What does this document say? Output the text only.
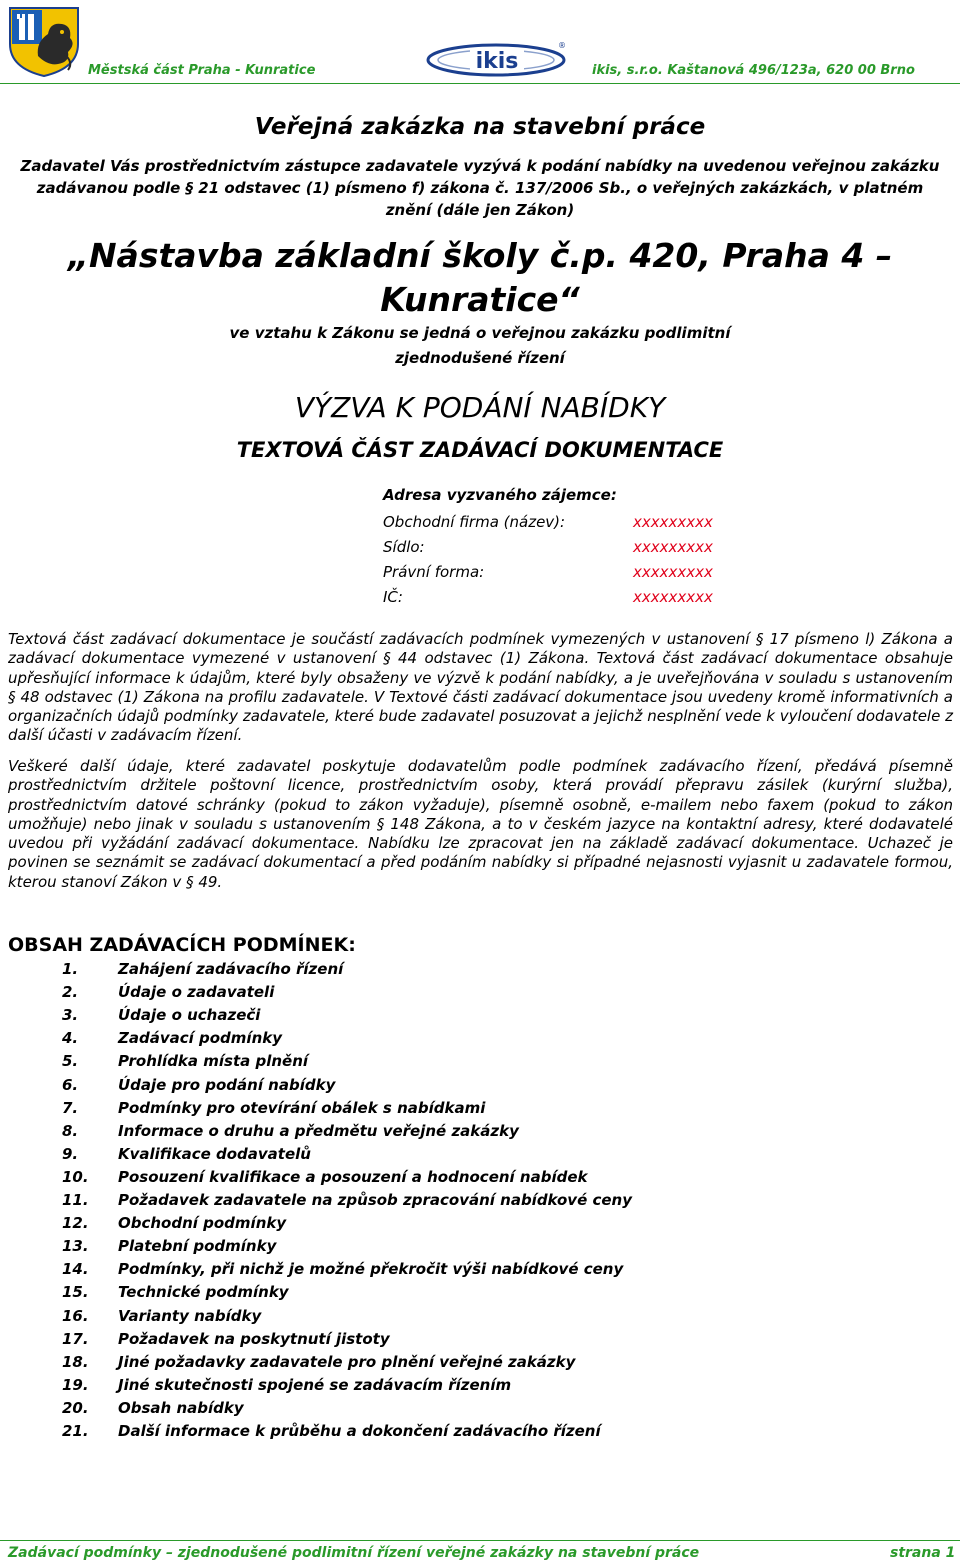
Městská část Praha - Kunratice	ikis
®
ikis, s.r.o. Kaštanová 496/123a, 620 00 Brno
Veřejná zakázka na stavební práce
Zadavatel Vás prostřednictvím zástupce zadavatele vyzývá k podání nabídky na uvedenou veřejnou zakázku zadávanou podle § 21 odstavec (1) písmeno f) zákona č. 137/2006 Sb., o veřejných zakázkách, v platném znění (dále jen Zákon)
„Nástavba základní školy č.p. 420, Praha 4 – Kunratice“
ve vztahu k Zákonu se jedná o veřejnou zakázku podlimitní
zjednodušené řízení
VÝZVA K PODÁNÍ NABÍDKY
TEXTOVÁ ČÁST ZADÁVACÍ DOKUMENTACE
Adresa vyzvaného zájemce:
Obchodní firma (název):	xxxxxxxxx
Sídlo:	xxxxxxxxx
Právní forma:	xxxxxxxxx
IČ:	xxxxxxxxx
Textová část zadávací dokumentace je součástí zadávacích podmínek vymezených v ustanovení § 17 písmeno l) Zákona a zadávací dokumentace vymezené v ustanovení § 44 odstavec (1) Zákona. Textová část zadávací dokumentace obsahuje upřesňující informace k údajům, které byly obsaženy ve výzvě k podání nabídky, a je uveřejňována v souladu s ustanovením § 48 odstavec (1) Zákona na profilu zadavatele. V Textové části zadávací dokumentace jsou uvedeny kromě informativních a organizačních údajů podmínky zadavatele, které bude zadavatel posuzovat a jejichž nesplnění vede k vyloučení dodavatele z další účasti v zadávacím řízení.
Veškeré další údaje, které zadavatel poskytuje dodavatelům podle podmínek zadávacího řízení, předává písemně prostřednictvím držitele poštovní licence, prostřednictvím osoby, která provádí přepravu zásilek (kurýrní služba), prostřednictvím datové schránky (pokud to zákon vyžaduje), písemně osobně, e-mailem nebo faxem (pokud to zákon umožňuje) nebo jinak v souladu s ustanovením § 148 Zákona, a to v českém jazyce na kontaktní adresy, které dodavatelé uvedou při vyžádání zadávací dokumentace. Nabídku lze zpracovat jen na základě zadávací dokumentace. Uchazeč je povinen se seznámit se zadávací dokumentací a před podáním nabídky si případné nejasnosti vyjasnit u zadavatele formou, kterou stanoví Zákon v § 49.
OBSAH ZADÁVACÍCH PODMÍNEK:
1.	Zahájení zadávacího řízení
2.	Údaje o zadavateli
3.	Údaje o uchazeči
4.	Zadávací podmínky
5.	Prohlídka místa plnění
6.	Údaje pro podání nabídky
7.	Podmínky pro otevírání obálek s nabídkami
8.	Informace o druhu a předmětu veřejné zakázky
9.	Kvalifikace dodavatelů
10. Posouzení kvalifikace a posouzení a hodnocení nabídek
11. Požadavek zadavatele na způsob zpracování nabídkové ceny
12. Obchodní podmínky
13. Platební podmínky
14. Podmínky, při nichž je možné překročit výši nabídkové ceny
15. Technické podmínky
16. Varianty nabídky
17. Požadavek na poskytnutí jistoty
18. Jiné požadavky zadavatele pro plnění veřejné zakázky
19. Jiné skutečnosti spojené se zadávacím řízením
20. Obsah nabídky
21. Další informace k průběhu a dokončení zadávacího řízení
Zadávací podmínky – zjednodušené podlimitní řízení veřejné zakázky na stavební práce	strana 1
